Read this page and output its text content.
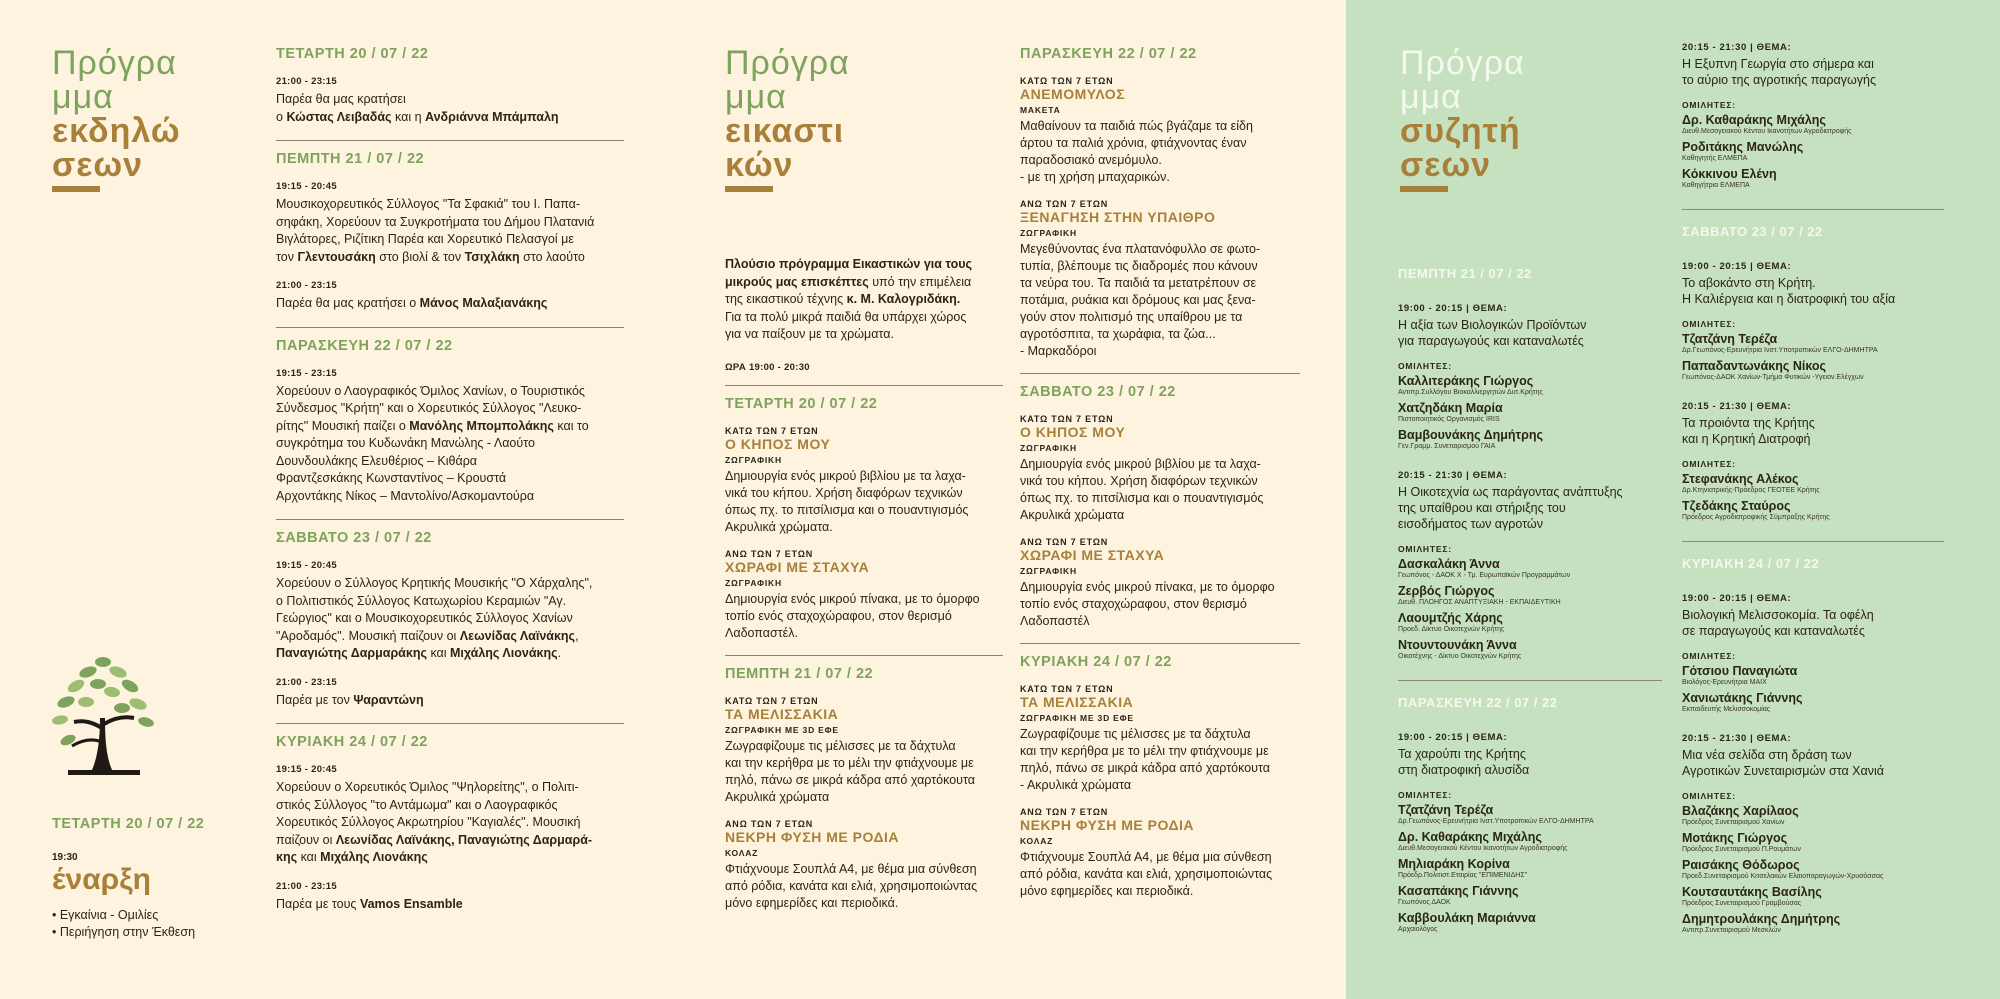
Πρόγρα
μμα
εκδηλώ
σεων
ΤΕΤΑΡΤΗ 20 / 07 / 22
19:30
έναρξη
• Εγκαίνια - Ομιλίες
• Περιήγηση στην Έκθεση
ΤΕΤΑΡΤΗ 20 / 07 / 22
21:00 - 23:15
Παρέα θα μας κρατήσει
ο Κώστας Λειβαδάς και η Ανδριάννα Μπάμπαλη
ΠΕΜΠΤΗ 21 / 07 / 22
19:15 - 20:45
Μουσικοχορευτικός Σύλλογος "Τα Σφακιά" του Ι. Παπα-
σηφάκη, Χορεύουν τα Συγκροτήματα του Δήμου Πλατανιά
Βιγλάτορες, Ριζίτικη Παρέα και Χορευτικό Πελασγοί με
τον Γλεντουσάκη στο βιολί & τον Τσιχλάκη στο λαούτο
21:00 - 23:15
Παρέα θα μας κρατήσει ο Μάνος Μαλαξιανάκης
ΠΑΡΑΣΚΕΥΗ 22 / 07 / 22
19:15 - 23:15
Χορεύουν ο Λαογραφικός Όμιλος Χανίων, ο Τουριστικός
Σύνδεσμος "Κρήτη" και ο Χορευτικός Σύλλογος "Λευκο-
ρίτης" Μουσική παίζει ο Μανόλης Μπομπολάκης και το
συγκρότημα του Κυδωνάκη Μανώλης - Λαούτο
Δουνδουλάκης Ελευθέριος – Κιθάρα
Φραντζεσκάκης Κωνσταντίνος – Κρουστά
Αρχοντάκης Νίκος – Μαντολίνο/Ασκομαντούρα
ΣΑΒΒΑΤΟ 23 / 07 / 22
19:15 - 20:45
Χορεύουν ο Σύλλογος Κρητικής Μουσικής "Ο Χάρχαλης",
ο Πολιτιστικός Σύλλογος Κατωχωρίου Κεραμιών "Αγ.
Γεώργιος" και ο Μουσικοχορευτικός Σύλλογος Χανίων
"Αροδαμός". Μουσική παίζουν οι Λεωνίδας Λαϊνάκης,
Παναγιώτης Δαρμαράκης και Μιχάλης Λιονάκης.
21:00 - 23:15
Παρέα με τον Ψαραντώνη
ΚΥΡΙΑΚΗ 24 / 07 / 22
19:15 - 20:45
Χορεύουν ο Χορευτικός Όμιλος "Ψηλορείτης", ο Πολιτι-
στικός Σύλλογος "το Αντάμωμα" και ο Λαογραφικός
Χορευτικός Σύλλογος Ακρωτηρίου "Καγιαλές". Μουσική
παίζουν οι Λεωνίδας Λαϊνάκης, Παναγιώτης Δαρμαρά-
κης και Μιχάλης Λιονάκης
21:00 - 23:15
Παρέα με τους Vamos Ensamble
Πρόγρα
μμα
εικαστι
κών
Πλούσιο πρόγραμμα Εικαστικών για τους
μικρούς μας επισκέπτες υπό την επιμέλεια
της εικαστικού τέχνης κ. Μ. Καλογριδάκη.
Για τα πολύ μικρά παιδιά θα υπάρχει χώρος
για να παίξουν με τα χρώματα.
ΩΡΑ 19:00 - 20:30
ΤΕΤΑΡΤΗ 20 / 07 / 22
ΚΑΤΩ ΤΩΝ 7 ΕΤΩΝ
Ο ΚΗΠΟΣ ΜΟΥ
ΖΩΓΡΑΦΙΚΗ
Δημιουργία ενός μικρού βιβλίου με τα λαχα-
νικά του κήπου. Χρήση διαφόρων τεχνικών
όπως πχ. το πιτσίλισμα και ο πουαντιγισμός
Ακρυλικά χρώματα.
ΑΝΩ ΤΩΝ 7 ΕΤΩΝ
ΧΩΡΑΦΙ ΜΕ ΣΤΑΧΥΑ
ΖΩΓΡΑΦΙΚΗ
Δημιουργία ενός μικρού πίνακα, με το όμορφο
τοπίο ενός σταχοχώραφου, στον θερισμό
Λαδοπαστέλ.
ΠΕΜΠΤΗ 21 / 07 / 22
ΚΑΤΩ ΤΩΝ 7 ΕΤΩΝ
ΤΑ ΜΕΛΙΣΣΑΚΙΑ
ΖΩΓΡΑΦΙΚΗ ΜΕ 3D ΕΦΕ
Ζωγραφίζουμε τις μέλισσες με τα δάχτυλα
και την κερήθρα με το μέλι την φτιάχνουμε με
πηλό, πάνω σε μικρά κάδρα από χαρτόκουτα
Ακρυλικά χρώματα
ΑΝΩ ΤΩΝ 7 ΕΤΩΝ
ΝΕΚΡΗ ΦΥΣΗ ΜΕ ΡΟΔΙΑ
ΚΟΛΑΖ
Φτιάχνουμε Σουπλά Α4, με θέμα μια σύνθεση
από ρόδια, κανάτα και ελιά, χρησιμοποιώντας
μόνο εφημερίδες και περιοδικά.
ΠΑΡΑΣΚΕΥΗ 22 / 07 / 22
ΚΑΤΩ ΤΩΝ 7 ΕΤΩΝ
ΑΝΕΜΟΜΥΛΟΣ
ΜΑΚΕΤΑ
Μαθαίνουν τα παιδιά πώς βγάζαμε τα είδη
άρτου τα παλιά χρόνια, φτιάχνοντας έναν
παραδοσιακό ανεμόμυλο.
- με τη χρήση μπαχαρικών.
ΑΝΩ ΤΩΝ 7 ΕΤΩΝ
ΞΕΝΑΓΗΣΗ ΣΤΗΝ ΥΠΑΙΘΡΟ
ΖΩΓΡΑΦΙΚΗ
Μεγεθύνοντας ένα πλατανόφυλλο σε φωτο-
τυπία, βλέπουμε τις διαδρομές που κάνουν
τα νεύρα του. Τα παιδιά τα μετατρέπουν σε
ποτάμια, ρυάκια και δρόμους και μας ξενα-
γούν στον πολιτισμό της υπαίθρου με τα
αγροτόσπιτα, τα χωράφια, τα ζώα...
- Μαρκαδόροι
ΣΑΒΒΑΤΟ 23 / 07 / 22
ΚΑΤΩ ΤΩΝ 7 ΕΤΩΝ
Ο ΚΗΠΟΣ ΜΟΥ
ΖΩΓΡΑΦΙΚΗ
Δημιουργία ενός μικρού βιβλίου με τα λαχα-
νικά του κήπου. Χρήση διαφόρων τεχνικών
όπως πχ. το πιτσίλισμα και ο πουαντιγισμός
Ακρυλικά χρώματα
ΑΝΩ ΤΩΝ 7 ΕΤΩΝ
ΧΩΡΑΦΙ ΜΕ ΣΤΑΧΥΑ
ΖΩΓΡΑΦΙΚΗ
Δημιουργία ενός μικρού πίνακα, με το όμορφο
τοπίο ενός σταχοχώραφου, στον θερισμό
Λαδοπαστέλ
ΚΥΡΙΑΚΗ 24 / 07 / 22
ΚΑΤΩ ΤΩΝ 7 ΕΤΩΝ
ΤΑ ΜΕΛΙΣΣΑΚΙΑ
ΖΩΓΡΑΦΙΚΗ ΜΕ 3D ΕΦΕ
Ζωγραφίζουμε τις μέλισσες με τα δάχτυλα
και την κερήθρα με το μέλι την φτιάχνουμε με
πηλό, πάνω σε μικρά κάδρα από χαρτόκουτα
- Ακρυλικά χρώματα
ΑΝΩ ΤΩΝ 7 ΕΤΩΝ
ΝΕΚΡΗ ΦΥΣΗ ΜΕ ΡΟΔΙΑ
ΚΟΛΑΖ
Φτιάχνουμε Σουπλά Α4, με θέμα μια σύνθεση
από ρόδια, κανάτα και ελιά, χρησιμοποιώντας
μόνο εφημερίδες και περιοδικά.
Πρόγρα
μμα
συζητή
σεων
ΠΕΜΠΤΗ 21 / 07 / 22
19:00 - 20:15 | ΘΕΜΑ:
Η αξία των Βιολογικών Προϊόντων
για παραγωγούς και καταναλωτές
ΟΜΙΛΗΤΕΣ:
Καλλιτεράκης Γιώργος
Αντιπρ.Συλλόγου Βιοκαλλιεργητών Δυτ.Κρήτης
Χατζηδάκη Μαρία
Πιστοποιητικός Οργανισμός IRIS
Βαμβουνάκης Δημήτρης
Γεν.Γραμμ. Συνεταιρισμού ΓΑΙΑ
20:15 - 21:30 | ΘΕΜΑ:
Η Οικοτεχνία ως παράγοντας ανάπτυξης
της υπαίθρου και στήριξης του
εισοδήματος των αγροτών
ΟΜΙΛΗΤΕΣ:
Δασκαλάκη Άννα
Γεωπόνος - ΔΑΟΚ Χ - Τμ. Ευρωπαϊκών Προγραμμάτων
Ζερβός Γιώργος
Διευθ. ΠΛΟΗΓΟΣ ΑΝΑΠΤΥΞΙΑΚΗ - ΕΚΠΑΙΔΕΥΤΙΚΗ
Λαουμτζής Χάρης
Προεδ. Δίκτυο Οικοτεχνών Κρήτης
Ντουντουνάκη Άννα
Οικοτέχνης - Δίκτυο Οικοτεχνών Κρήτης
ΠΑΡΑΣΚΕΥΗ 22 / 07 / 22
19:00 - 20:15 | ΘΕΜΑ:
Τα χαρούπι της Κρήτης
στη διατροφική αλυσίδα
ΟΜΙΛΗΤΕΣ:
Τζατζάνη Τερέζα
Δρ.Γεωπόνος-Ερευνήτρια Ινστ.Υποτροπικών ΕΛΓΟ-ΔΗΜΗΤΡΑ
Δρ. Καθαράκης Μιχάλης
Διευθ.Μεσογειακού Κέντου Ικανοτήτων Αγροδιατροφής
Μηλιαράκη Κορίνα
Πρόεδρ.Πολιτιστ.Εταιρίας "ΕΠΙΜΕΝΙΔΗΣ"
Κασαπάκης Γιάννης
Γεωπόνος ΔΑΟΚ
Καββουλάκη Μαριάννα
Αρχαιολόγος
20:15 - 21:30 | ΘΕΜΑ:
Η Εξυπνη Γεωργία στο σήμερα και
το αύριο της αγροτικής παραγωγής
ΟΜΙΛΗΤΕΣ:
Δρ. Καθαράκης Μιχάλης
Διευθ.Μεσογειακού Κέντου Ικανοτήτων Αγροδιατροφής
Ροδιτάκης Μανώλης
Καθηγητής ΕΛΜΕΠΑ
Κόκκινου Ελένη
Καθηγήτρια ΕΛΜΕΠΑ
ΣΑΒΒΑΤΟ 23 / 07 / 22
19:00 - 20:15 | ΘΕΜΑ:
Το αβοκάντο στη Κρήτη.
Η Καλιέργεια και η διατροφική του αξία
ΟΜΙΛΗΤΕΣ:
Τζατζάνη Τερέζα
Δρ.Γεωπόνος-Ερευνήτρια Ινστ.Υποτροπικών ΕΛΓΟ-ΔΗΜΗΤΡΑ
Παπαδαντωνάκης Νίκος
Γεωπόνος-ΔΑΟΚ Χανίων-Τμήμα Φυτικών -Υγειον.Ελέγχων
20:15 - 21:30 | ΘΕΜΑ:
Τα προιόντα της Κρήτης
και η Κρητική Διατροφή
ΟΜΙΛΗΤΕΣ:
Στεφανάκης Αλέκος
Δρ.Κτηνιατρικής-Πρόεδρος ΓΕΟΤΕΕ Κρήτης
Τζεδάκης Σταύρος
Πρόεδρος Αγροδιατροφικής Σύμπραξης Κρήτης
ΚΥΡΙΑΚΗ 24 / 07 / 22
19:00 - 20:15 | ΘΕΜΑ:
Βιολογική Μελισσοκομία. Τα οφέλη
σε παραγωγούς και καταναλωτές
ΟΜΙΛΗΤΕΣ:
Γότσιου Παναγιώτα
Βιολόγος-Ερευνήτρια ΜΑΙΧ
Χανιωτάκης Γιάννης
Εκπαιδευτής Μελισσοκομίας
20:15 - 21:30 | ΘΕΜΑ:
Μια νέα σελίδα στη δράση των
Αγροτικών Συνεταιρισμών στα Χανιά
ΟΜΙΛΗΤΕΣ:
Βλαζάκης Χαρίλαος
Πρόεδρος Συνεταιρισμού Χανίων
Μοτάκης Γιώργος
Πρόεδρος Συνεταιρισμού Π.Ρουμάτων
Ραισάκης Θόδωρος
Προεδ.Συνεταιρισμού Κιτσελακών Ελαιοπαραγωγών-Χρυσόσσας
Κουτσαυτάκης Βασίλης
Πρόεδρος Συνεταιρισμού Γραμβούσας
Δημητρουλάκης Δημήτρης
Αντιπρ.Συνεταιρισμού Μεσκλών
